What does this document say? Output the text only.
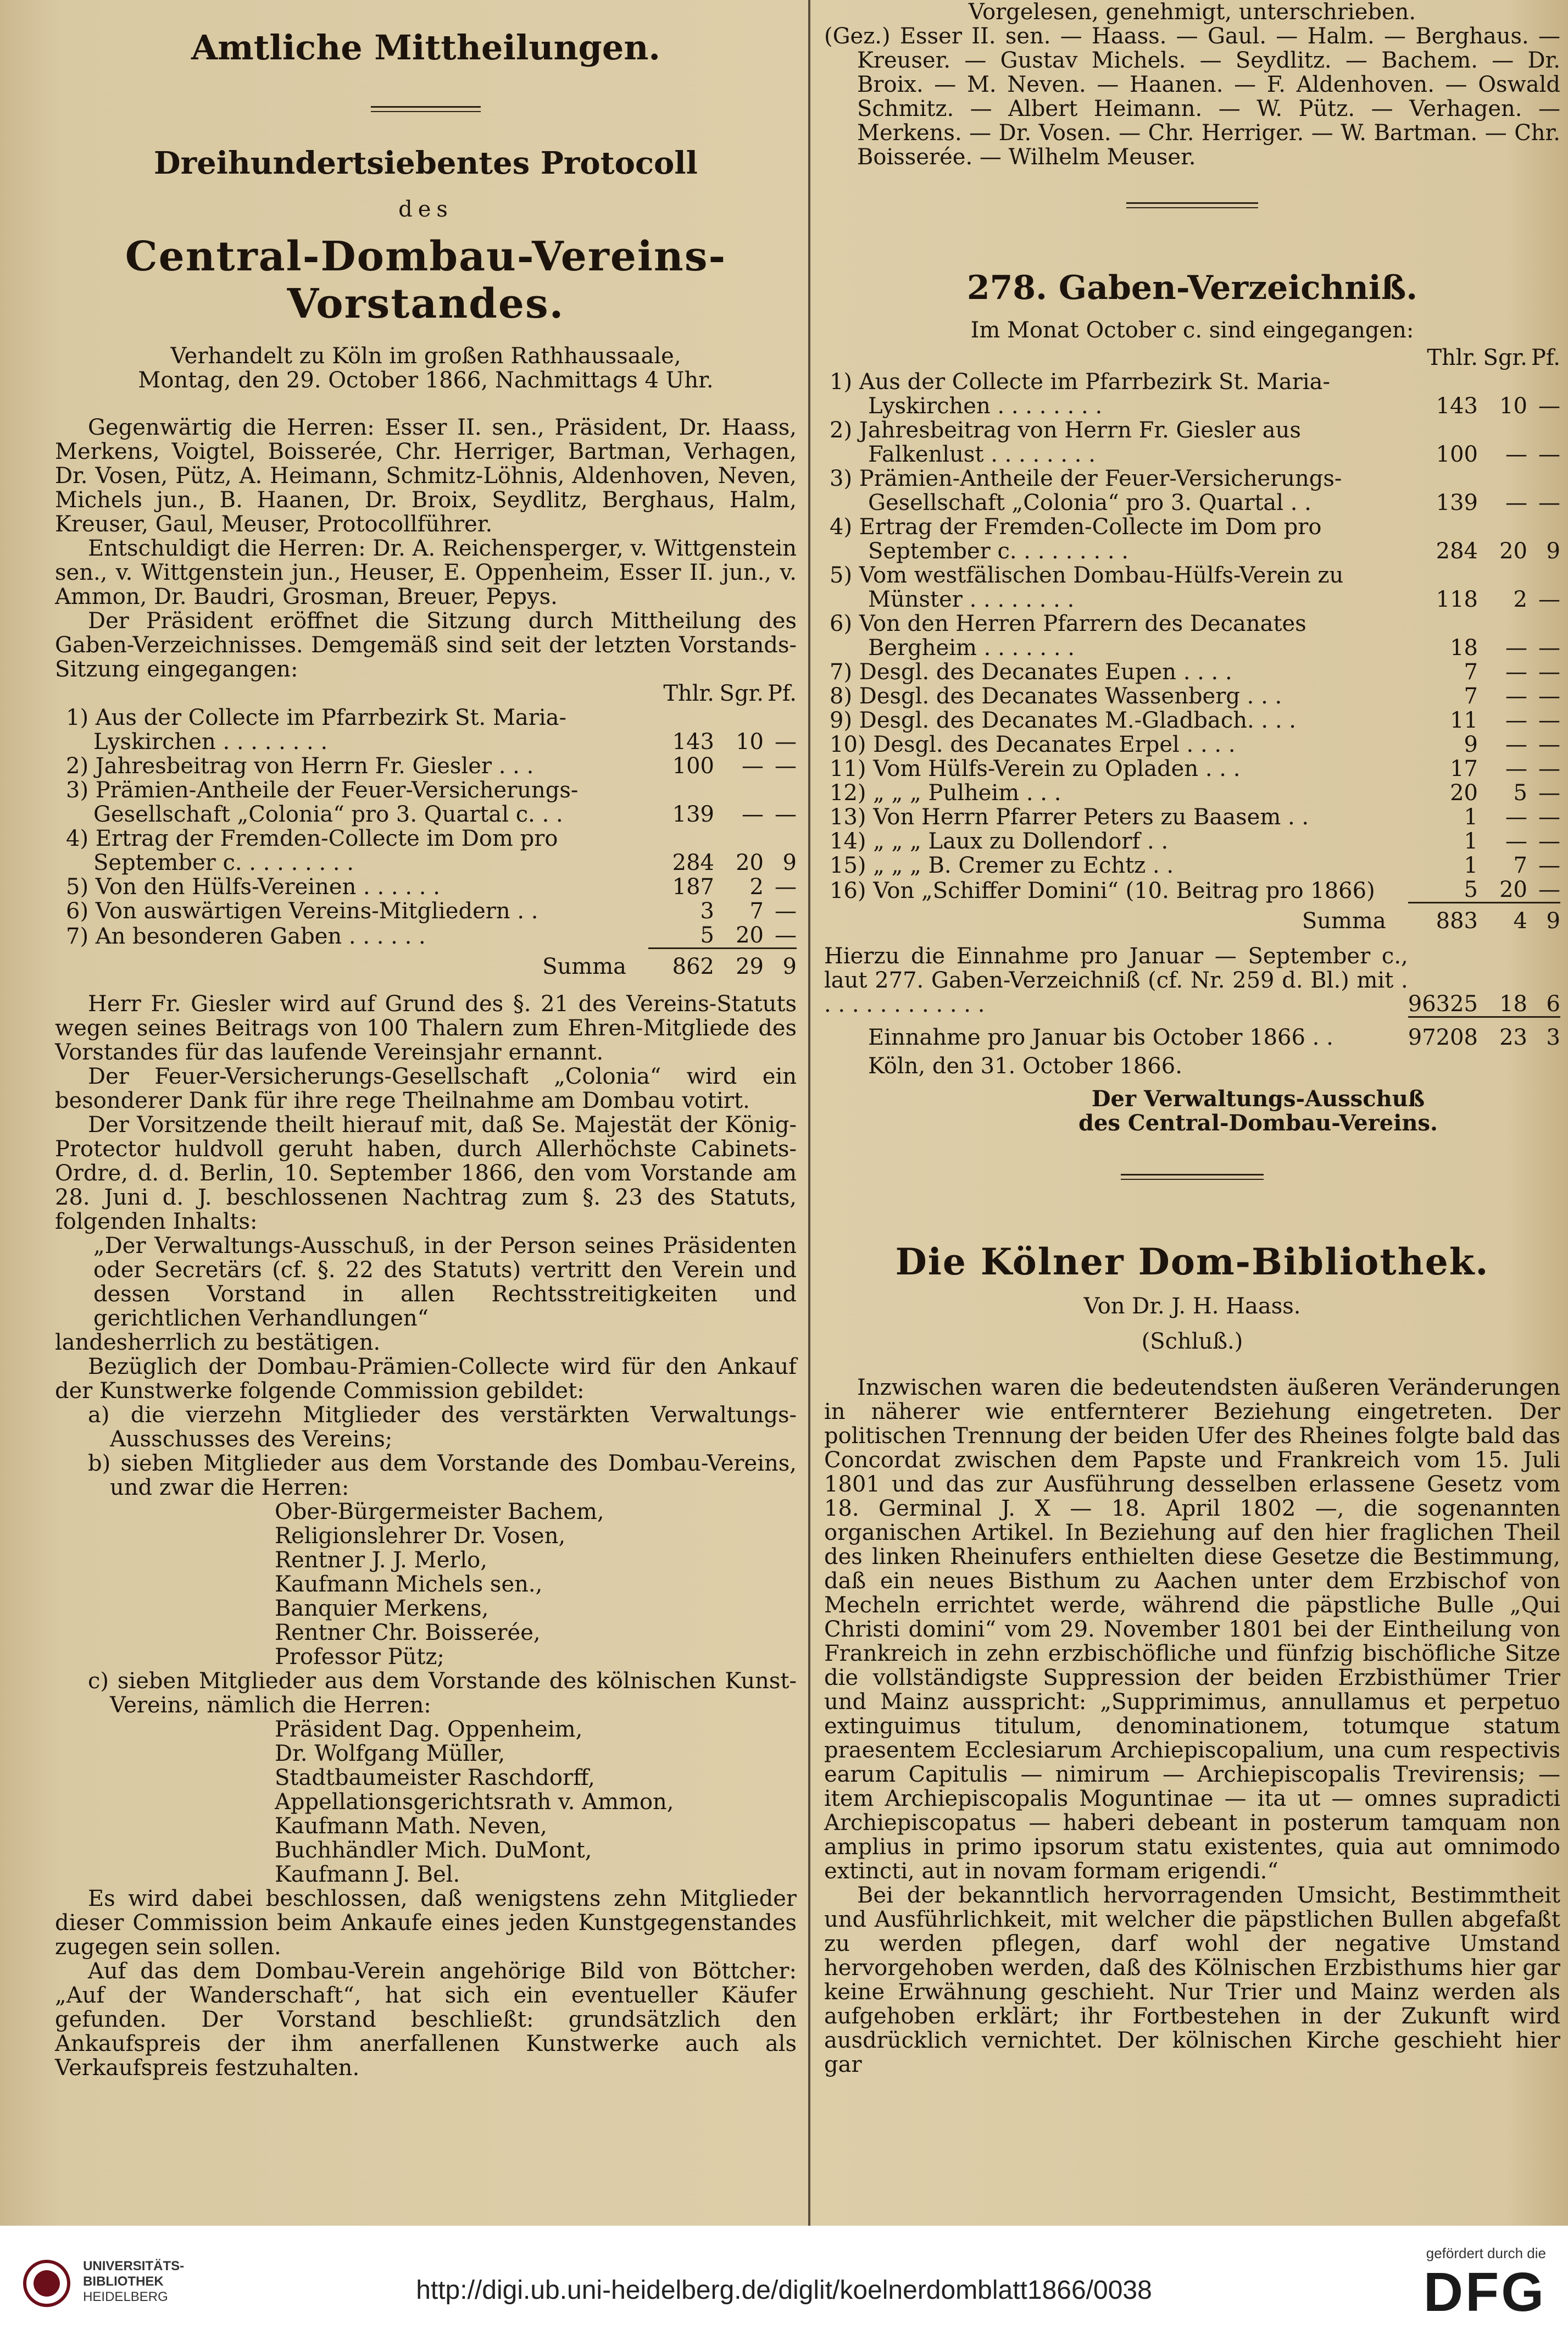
Amtliche Mittheilungen.
Dreihundertsiebentes Protocoll
des
Central-Dombau-Vereins-Vorstandes.
Verhandelt zu Köln im großen Rathhaussaale,
Montag, den 29. October 1866, Nachmittags 4 Uhr.

Gegenwärtig die Herren: Esser II. sen., Präsident, Dr. Haass, Merkens, Voigtel, Boisserée, Chr. Herriger, Bartman, Verhagen, Dr. Vosen, Pütz, A. Heimann, Schmitz-Löhnis, Aldenhoven, Neven, Michels jun., B. Haanen, Dr. Broix, Seydlitz, Berghaus, Halm, Kreuser, Gaul, Meuser, Protocollführer.

Entschuldigt die Herren: Dr. A. Reichensperger, v. Wittgenstein sen., v. Wittgenstein jun., Heuser, E. Oppenheim, Esser II. jun., v. Ammon, Dr. Baudri, Grosman, Breuer, Pepys.

Der Präsident eröffnet die Sitzung durch Mittheilung des Gaben-Verzeichnisses. Demgemäß sind seit der letzten Vorstands-Sitzung eingegangen:

	Thlr.	Sgr.	Pf.
1) Aus der Collecte im Pfarrbezirk St. Maria-Lyskirchen . . . . . . . .	143	10	—
2) Jahresbeitrag von Herrn Fr. Giesler . . .	100	—	—
3) Prämien-Antheile der Feuer-Versicherungs-Gesellschaft „Colonia“ pro 3. Quartal c. . .	139	—	—
4) Ertrag der Fremden-Collecte im Dom pro September c. . . . . . . . .	284	20	9
5) Von den Hülfs-Vereinen . . . . . .	187	2	—
6) Von auswärtigen Vereins-Mitgliedern . .	3	7	—
7) An besonderen Gaben . . . . . .	5	20	—
Summa	862	29	9

Herr Fr. Giesler wird auf Grund des §. 21 des Vereins-Statuts wegen seines Beitrags von 100 Thalern zum Ehren-Mitgliede des Vorstandes für das laufende Vereinsjahr ernannt.

Der Feuer-Versicherungs-Gesellschaft „Colonia“ wird ein besonderer Dank für ihre rege Theilnahme am Dombau votirt.

Der Vorsitzende theilt hierauf mit, daß Se. Majestät der König-Protector huldvoll geruht haben, durch Allerhöchste Cabinets-Ordre, d. d. Berlin, 10. September 1866, den vom Vorstande am 28. Juni d. J. beschlossenen Nachtrag zum §. 23 des Statuts, folgenden Inhalts:

„Der Verwaltungs-Ausschuß, in der Person seines Präsidenten oder Secretärs (cf. §. 22 des Statuts) vertritt den Verein und dessen Vorstand in allen Rechtsstreitigkeiten und gerichtlichen Verhandlungen“

landesherrlich zu bestätigen.

Bezüglich der Dombau-Prämien-Collecte wird für den Ankauf der Kunstwerke folgende Commission gebildet:

a) die vierzehn Mitglieder des verstärkten Verwaltungs-Ausschusses des Vereins;

b) sieben Mitglieder aus dem Vorstande des Dombau-Vereins, und zwar die Herren:

Ober-Bürgermeister Bachem,
Religionslehrer Dr. Vosen,
Rentner J. J. Merlo,
Kaufmann Michels sen.,
Banquier Merkens,
Rentner Chr. Boisserée,
Professor Pütz;

c) sieben Mitglieder aus dem Vorstande des kölnischen Kunst-Vereins, nämlich die Herren:

Präsident Dag. Oppenheim,
Dr. Wolfgang Müller,
Stadtbaumeister Raschdorff,
Appellationsgerichtsrath v. Ammon,
Kaufmann Math. Neven,
Buchhändler Mich. DuMont,
Kaufmann J. Bel.

Es wird dabei beschlossen, daß wenigstens zehn Mitglieder dieser Commission beim Ankaufe eines jeden Kunstgegenstandes zugegen sein sollen.

Auf das dem Dombau-Verein angehörige Bild von Böttcher: „Auf der Wanderschaft“, hat sich ein eventueller Käufer gefunden. Der Vorstand beschließt: grundsätzlich den Ankaufspreis der ihm anerfallenen Kunstwerke auch als Verkaufspreis festzuhalten.

Vorgelesen, genehmigt, unterschrieben.

(Gez.) Esser II. sen. — Haass. — Gaul. — Halm. — Berghaus. — Kreuser. — Gustav Michels. — Seydlitz. — Bachem. — Dr. Broix. — M. Neven. — Haanen. — F. Aldenhoven. — Oswald Schmitz. — Albert Heimann. — W. Pütz. — Verhagen. — Merkens. — Dr. Vosen. — Chr. Herriger. — W. Bartman. — Chr. Boisserée. — Wilhelm Meuser.

278. Gaben-Verzeichniß.
Im Monat October c. sind eingegangen:
	Thlr.	Sgr.	Pf.
1) Aus der Collecte im Pfarrbezirk St. Maria-Lyskirchen . . . . . . . .	143	10	—
2) Jahresbeitrag von Herrn Fr. Giesler aus Falkenlust . . . . . . . .	100	—	—
3) Prämien-Antheile der Feuer-Versicherungs-Gesellschaft „Colonia“ pro 3. Quartal . .	139	—	—
4) Ertrag der Fremden-Collecte im Dom pro September c. . . . . . . . .	284	20	9
5) Vom westfälischen Dombau-Hülfs-Verein zu Münster . . . . . . . .	118	2	—
6) Von den Herren Pfarrern des Decanates Bergheim . . . . . . .	18	—	—
7) Desgl. des Decanates Eupen . . . .	7	—	—
8) Desgl. des Decanates Wassenberg . . .	7	—	—
9) Desgl. des Decanates M.-Gladbach. . . .	11	—	—
10) Desgl. des Decanates Erpel . . . .	9	—	—
11) Vom Hülfs-Verein zu Opladen . . .	17	—	—
12) „ „ „ Pulheim . . .	20	5	—
13) Von Herrn Pfarrer Peters zu Baasem . .	1	—	—
14) „ „ „ Laux zu Dollendorf . .	1	—	—
15) „ „ „ B. Cremer zu Echtz . .	1	7	—
16) Von „Schiffer Domini“ (10. Beitrag pro 1866)	5	20	—
Summa	883	4	9
Hierzu die Einnahme pro Januar — September c., laut 277. Gaben-Verzeichniß (cf. Nr. 259 d. Bl.) mit . . . . . . . . . . . . .	96325	18	6
Einnahme pro Januar bis October 1866 . .	97208	23	3
Köln, den 31. October 1866.
Der Verwaltungs-Ausschuß
des Central-Dombau-Vereins.
Die Kölner Dom-Bibliothek.
Von Dr. J. H. Haass.
(Schluß.)

Inzwischen waren die bedeutendsten äußeren Veränderungen in näherer wie entfernterer Beziehung eingetreten. Der politischen Trennung der beiden Ufer des Rheines folgte bald das Concordat zwischen dem Papste und Frankreich vom 15. Juli 1801 und das zur Ausführung desselben erlassene Gesetz vom 18. Germinal J. X — 18. April 1802 —, die sogenannten organischen Artikel. In Beziehung auf den hier fraglichen Theil des linken Rheinufers enthielten diese Gesetze die Bestimmung, daß ein neues Bisthum zu Aachen unter dem Erzbischof von Mecheln errichtet werde, während die päpstliche Bulle „Qui Christi domini“ vom 29. November 1801 bei der Eintheilung von Frankreich in zehn erzbischöfliche und fünfzig bischöfliche Sitze die vollständigste Suppression der beiden Erzbisthümer Trier und Mainz ausspricht: „Supprimimus, annullamus et perpetuo extinguimus titulum, denominationem, totumque statum praesentem Ecclesiarum Archiepiscopalium, una cum respectivis earum Capitulis — nimirum — Archiepiscopalis Trevirensis; — item Archiepiscopalis Moguntinae — ita ut — omnes supradicti Archiepiscopatus — haberi debeant in posterum tamquam non amplius in primo ipsorum statu existentes, quia aut omnimodo extincti, aut in novam formam erigendi.“

Bei der bekanntlich hervorragenden Umsicht, Bestimmtheit und Ausführlichkeit, mit welcher die päpstlichen Bullen abgefaßt zu werden pflegen, darf wohl der negative Umstand hervorgehoben werden, daß des Kölnischen Erzbisthums hier gar keine Erwähnung geschieht. Nur Trier und Mainz werden als aufgehoben erklärt; ihr Fortbestehen in der Zukunft wird ausdrücklich vernichtet. Der kölnischen Kirche geschieht hier gar

UNIVERSITÄTS-
BIBLIOTHEK
HEIDELBERG	http://digi.ub.uni-heidelberg.de/diglit/koelnerdomblatt1866/0038
gefördert durch die
DFG
